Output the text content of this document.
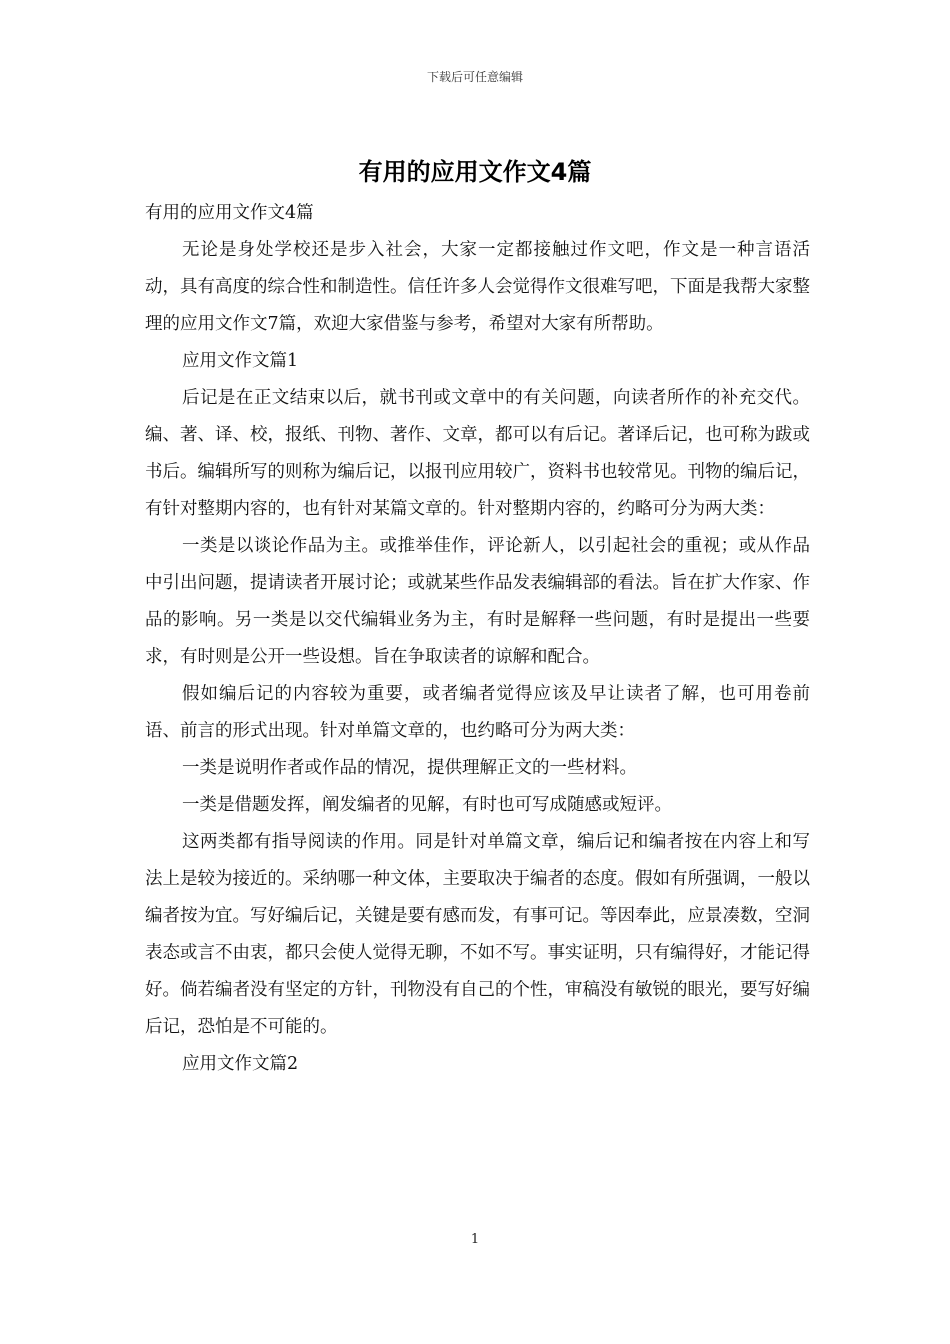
下载后可任意编辑
有用的应用文作文4篇

有用的应用文作文4篇

无论是身处学校还是步入社会，大家一定都接触过作文吧，作文是一种言语活动，具有高度的综合性和制造性。信任许多人会觉得作文很难写吧，下面是我帮大家整理的应用文作文7篇，欢迎大家借鉴与参考，希望对大家有所帮助。

应用文作文篇1

后记是在正文结束以后，就书刊或文章中的有关问题，向读者所作的补充交代。编、著、译、校，报纸、刊物、著作、文章，都可以有后记。著译后记，也可称为跋或书后。编辑所写的则称为编后记，以报刊应用较广，资料书也较常见。刊物的编后记，有针对整期内容的，也有针对某篇文章的。针对整期内容的，约略可分为两大类：

一类是以谈论作品为主。或推举佳作，评论新人，以引起社会的重视；或从作品中引出问题，提请读者开展讨论；或就某些作品发表编辑部的看法。旨在扩大作家、作品的影响。另一类是以交代编辑业务为主，有时是解释一些问题，有时是提出一些要求，有时则是公开一些设想。旨在争取读者的谅解和配合。

假如编后记的内容较为重要，或者编者觉得应该及早让读者了解，也可用卷前语、前言的形式出现。针对单篇文章的，也约略可分为两大类：

一类是说明作者或作品的情况，提供理解正文的一些材料。

一类是借题发挥，阐发编者的见解，有时也可写成随感或短评。

这两类都有指导阅读的作用。同是针对单篇文章，编后记和编者按在内容上和写法上是较为接近的。采纳哪一种文体，主要取决于编者的态度。假如有所强调，一般以编者按为宜。写好编后记，关键是要有感而发，有事可记。等因奉此，应景凑数，空洞表态或言不由衷，都只会使人觉得无聊，不如不写。事实证明，只有编得好，才能记得好。倘若编者没有坚定的方针，刊物没有自己的个性，审稿没有敏锐的眼光，要写好编后记，恐怕是不可能的。

应用文作文篇2

1
